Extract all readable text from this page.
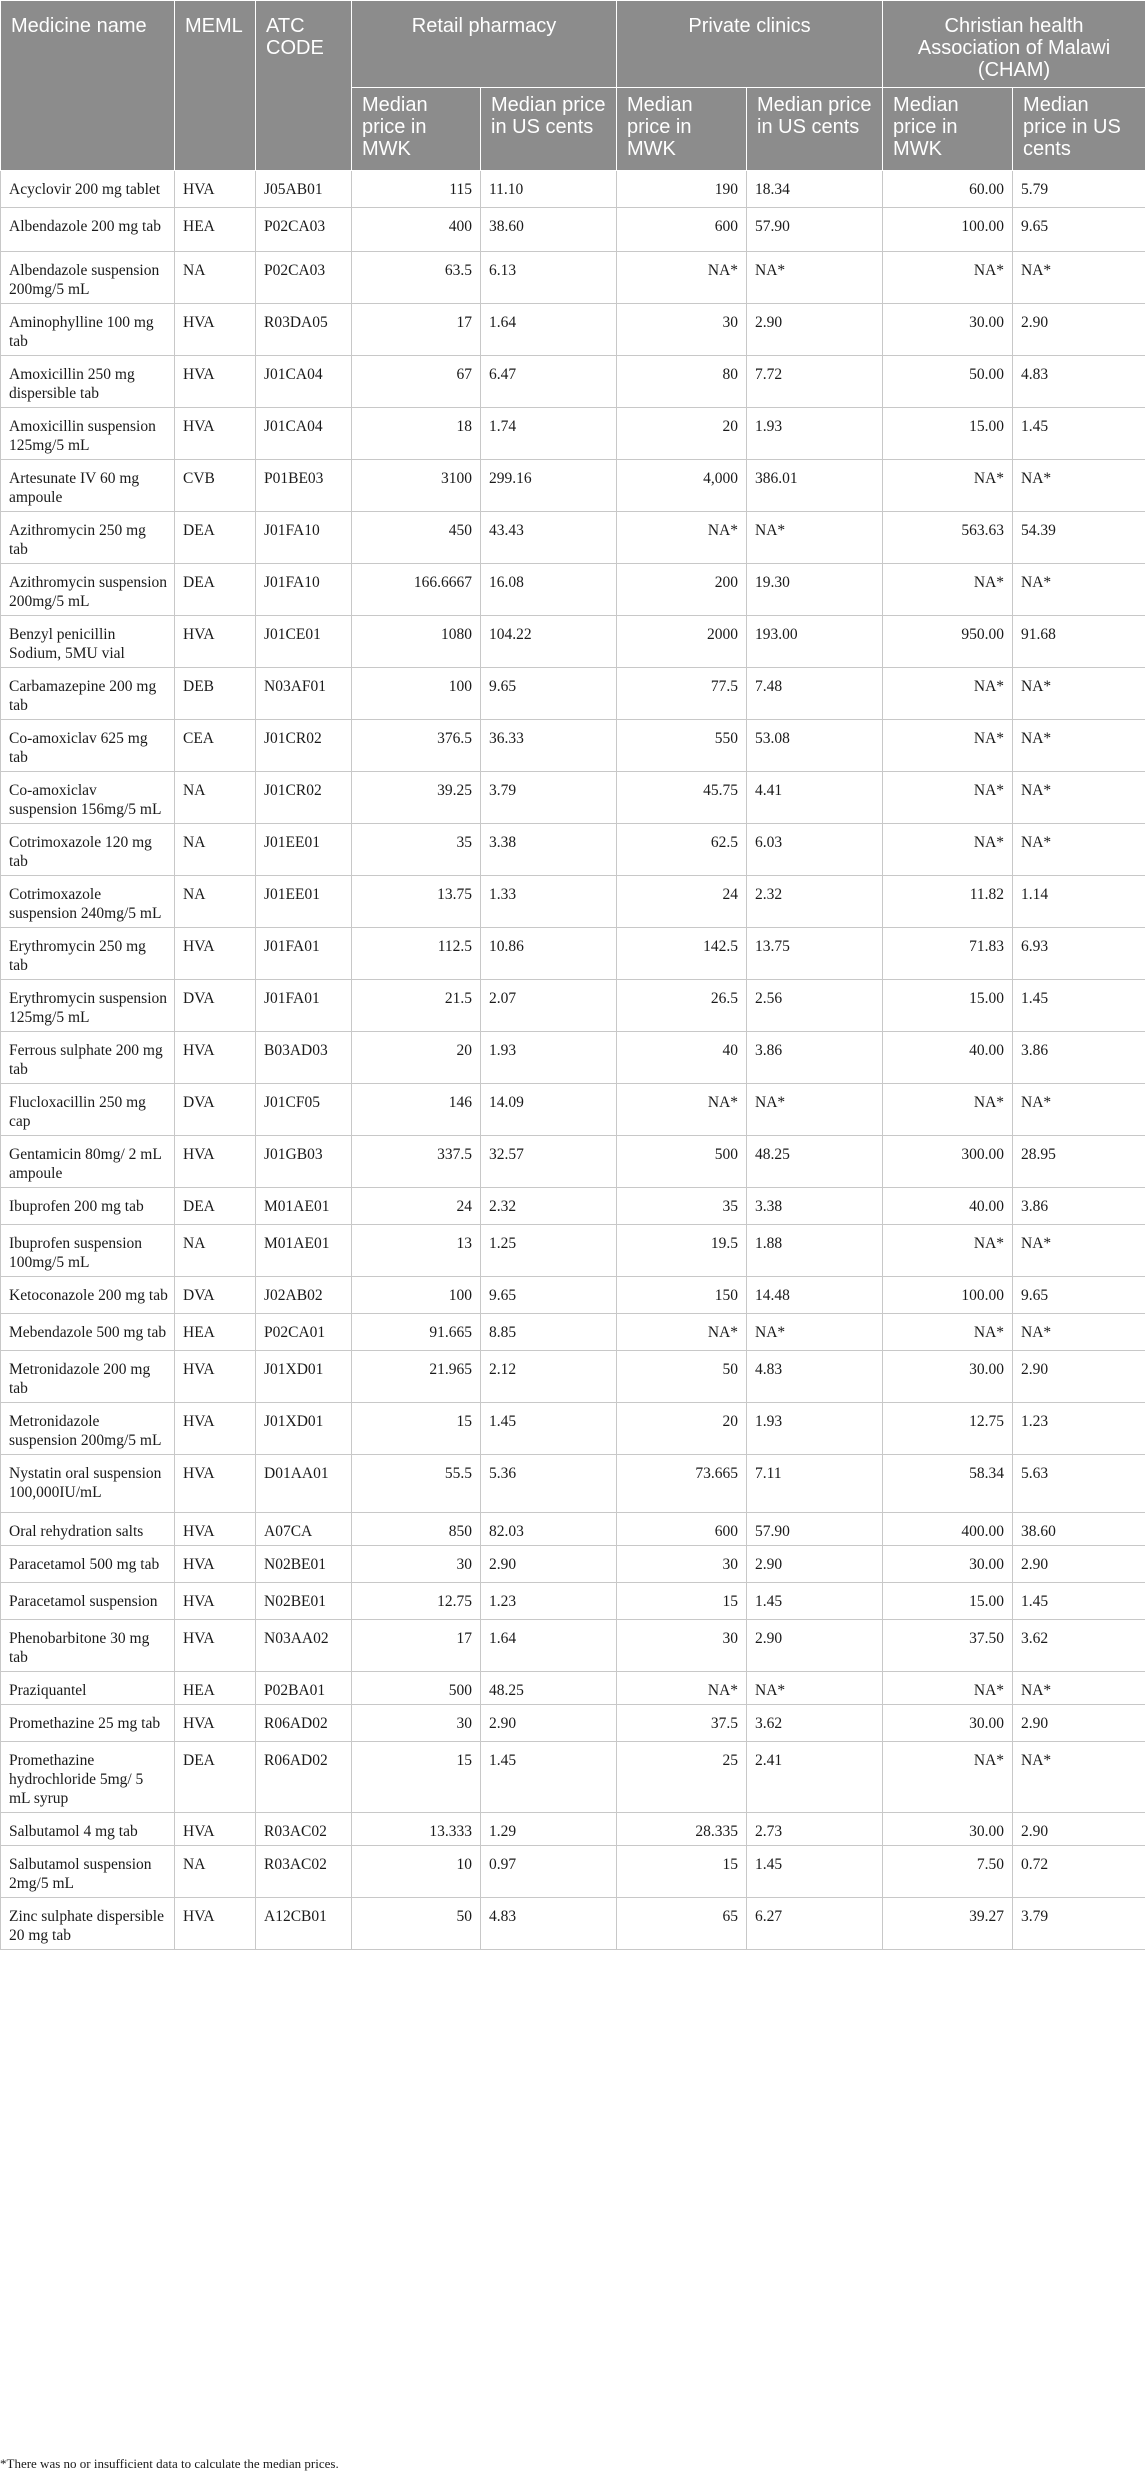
Medicine name	MEML	ATC CODE	Retail pharmacy		Private clinics		Christian health Association of Malawi (CHAM)	
			Median price in MWK	Median price in US cents	Median price in MWK	Median price in US cents	Median price in MWK	Median price in US cents
Acyclovir 200 mg tablet	HVA	J05AB01	115	11.10	190	18.34	60.00	5.79
Albendazole 200 mg tab	HEA	P02CA03	400	38.60	600	57.90	100.00	9.65
Albendazole suspension 200mg/5 mL	NA	P02CA03	63.5	6.13	NA*	NA*	NA*	NA*
Aminophylline 100 mg tab	HVA	R03DA05	17	1.64	30	2.90	30.00	2.90
Amoxicillin 250 mg dispersible tab	HVA	J01CA04	67	6.47	80	7.72	50.00	4.83
Amoxicillin suspension 125mg/5 mL	HVA	J01CA04	18	1.74	20	1.93	15.00	1.45
Artesunate IV 60 mg ampoule	CVB	P01BE03	3100	299.16	4,000	386.01	NA*	NA*
Azithromycin 250 mg tab	DEA	J01FA10	450	43.43	NA*	NA*	563.63	54.39
Azithromycin suspension 200mg/5 mL	DEA	J01FA10	166.6667	16.08	200	19.30	NA*	NA*
Benzyl penicillin Sodium, 5MU vial	HVA	J01CE01	1080	104.22	2000	193.00	950.00	91.68
Carbamazepine 200 mg tab	DEB	N03AF01	100	9.65	77.5	7.48	NA*	NA*
Co-amoxiclav 625 mg tab	CEA	J01CR02	376.5	36.33	550	53.08	NA*	NA*
Co-amoxiclav suspension 156mg/5 mL	NA	J01CR02	39.25	3.79	45.75	4.41	NA*	NA*
Cotrimoxazole 120 mg tab	NA	J01EE01	35	3.38	62.5	6.03	NA*	NA*
Cotrimoxazole suspension 240mg/5 mL	NA	J01EE01	13.75	1.33	24	2.32	11.82	1.14
Erythromycin 250 mg tab	HVA	J01FA01	112.5	10.86	142.5	13.75	71.83	6.93
Erythromycin suspension 125mg/5 mL	DVA	J01FA01	21.5	2.07	26.5	2.56	15.00	1.45
Ferrous sulphate 200 mg tab	HVA	B03AD03	20	1.93	40	3.86	40.00	3.86
Flucloxacillin 250 mg cap	DVA	J01CF05	146	14.09	NA*	NA*	NA*	NA*
Gentamicin 80mg/ 2 mL ampoule	HVA	J01GB03	337.5	32.57	500	48.25	300.00	28.95
Ibuprofen 200 mg tab	DEA	M01AE01	24	2.32	35	3.38	40.00	3.86
Ibuprofen suspension 100mg/5 mL	NA	M01AE01	13	1.25	19.5	1.88	NA*	NA*
Ketoconazole 200 mg tab	DVA	J02AB02	100	9.65	150	14.48	100.00	9.65
Mebendazole 500 mg tab	HEA	P02CA01	91.665	8.85	NA*	NA*	NA*	NA*
Metronidazole 200 mg tab	HVA	J01XD01	21.965	2.12	50	4.83	30.00	2.90
Metronidazole suspension 200mg/5 mL	HVA	J01XD01	15	1.45	20	1.93	12.75	1.23
Nystatin oral suspension 100,000IU/mL	HVA	D01AA01	55.5	5.36	73.665	7.11	58.34	5.63
Oral rehydration salts	HVA	A07CA	850	82.03	600	57.90	400.00	38.60
Paracetamol 500 mg tab	HVA	N02BE01	30	2.90	30	2.90	30.00	2.90
Paracetamol suspension	HVA	N02BE01	12.75	1.23	15	1.45	15.00	1.45
Phenobarbitone 30 mg tab	HVA	N03AA02	17	1.64	30	2.90	37.50	3.62
Praziquantel	HEA	P02BA01	500	48.25	NA*	NA*	NA*	NA*
Promethazine 25 mg tab	HVA	R06AD02	30	2.90	37.5	3.62	30.00	2.90
Promethazine hydrochloride 5mg/ 5 mL syrup	DEA	R06AD02	15	1.45	25	2.41	NA*	NA*
Salbutamol 4 mg tab	HVA	R03AC02	13.333	1.29	28.335	2.73	30.00	2.90
Salbutamol suspension 2mg/5 mL	NA	R03AC02	10	0.97	15	1.45	7.50	0.72
Zinc sulphate dispersible 20 mg tab	HVA	A12CB01	50	4.83	65	6.27	39.27	3.79
*There was no or insufficient data to calculate the median prices.
